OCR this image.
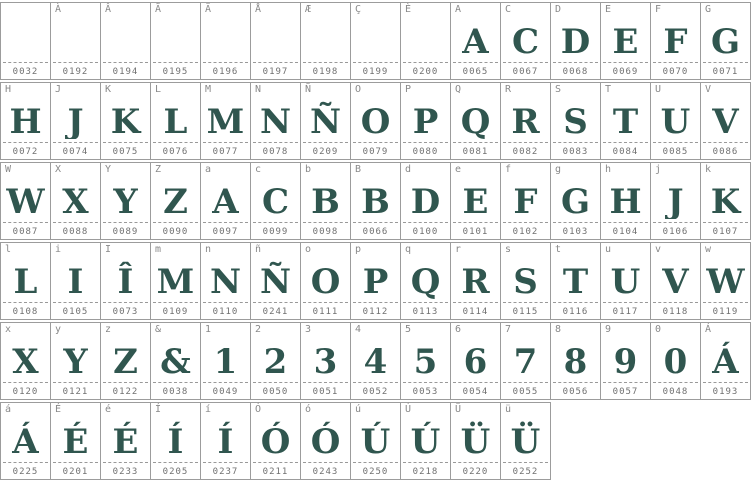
0032
À
0192
Â
0194
Ã
0195
Ä
0196
Å
0197
Æ
0198
Ç
0199
È
0200
A
A
0065
C
C
0067
D
D
0068
E
E
0069
F
F
0070
G
G
0071
H
H
0072
J
J
0074
K
K
0075
L
L
0076
M
M
0077
N
N
0078
Ñ
Ñ
0209
O
O
0079
P
P
0080
Q
Q
0081
R
R
0082
S
S
0083
T
T
0084
U
U
0085
V
V
0086
W
W
0087
X
X
0088
Y
Y
0089
Z
Z
0090
a
A
0097
c
C
0099
b
B
0098
B
B
0066
d
D
0100
e
E
0101
f
F
0102
g
G
0103
h
H
0104
j
J
0106
k
K
0107
l
L
0108
i
I
0105
I
Î
0073
m
M
0109
n
N
0110
ñ
Ñ
0241
o
O
0111
p
P
0112
q
Q
0113
r
R
0114
s
S
0115
t
T
0116
u
U
0117
v
V
0118
w
W
0119
x
X
0120
y
Y
0121
z
Z
0122
&
&
0038
1
1
0049
2
2
0050
3
3
0051
4
4
0052
5
5
0053
6
6
0054
7
7
0055
8
8
0056
9
9
0057
0
0
0048
Á
Á
0193
á
Á
0225
É
É
0201
é
É
0233
Í
Í
0205
í
Í
0237
Ó
Ó
0211
ó
Ó
0243
ú
Ú
0250
Ú
Ú
0218
Ü
Ü
0220
ü
Ü
0252
